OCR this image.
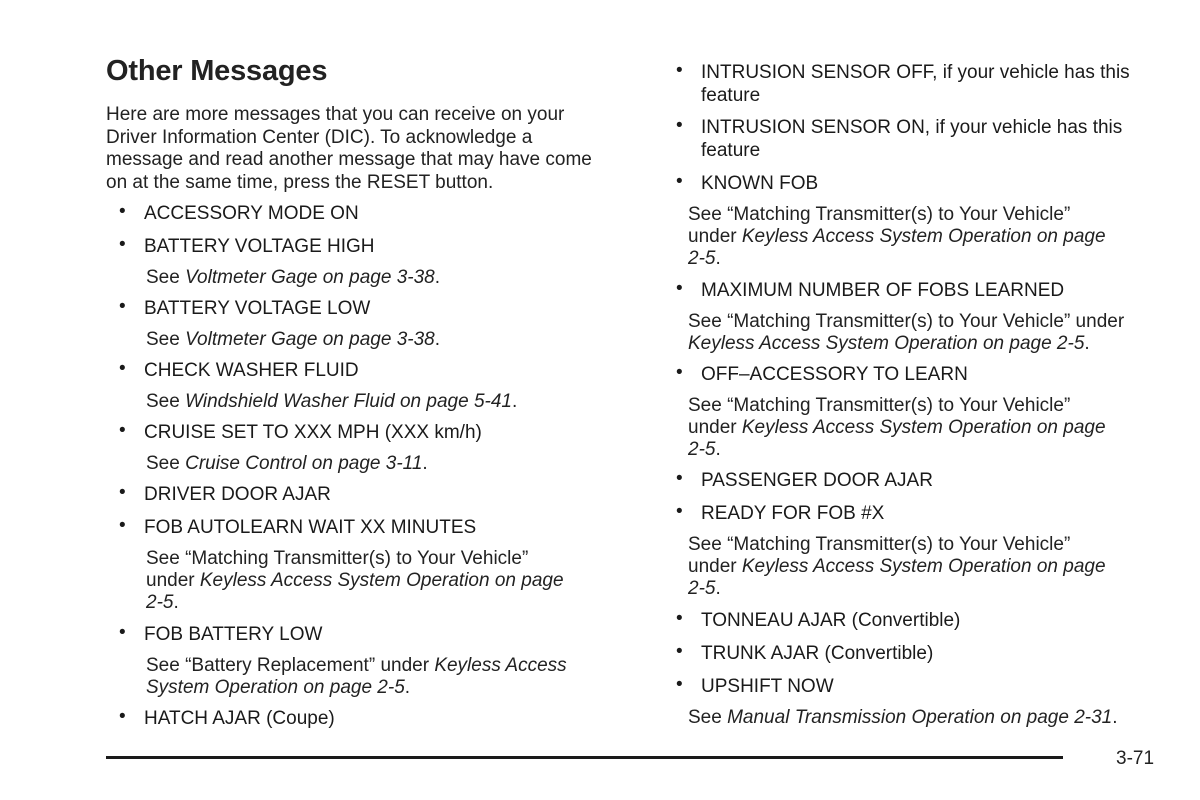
Other Messages

Here are more messages that you can receive on your Driver Information Center (DIC). To acknowledge a message and read another message that may have come on at the same time, press the RESET button.

• ACCESSORY MODE ON
• BATTERY VOLTAGE HIGH
See Voltmeter Gage on page 3-38.
• BATTERY VOLTAGE LOW
See Voltmeter Gage on page 3-38.
• CHECK WASHER FLUID
See Windshield Washer Fluid on page 5-41.
• CRUISE SET TO XXX MPH (XXX km/h)
See Cruise Control on page 3-11.
• DRIVER DOOR AJAR
• FOB AUTOLEARN WAIT XX MINUTES
See “Matching Transmitter(s) to Your Vehicle” under Keyless Access System Operation on page 2-5.
• FOB BATTERY LOW
See “Battery Replacement” under Keyless Access System Operation on page 2-5.
• HATCH AJAR (Coupe)
• INTRUSION SENSOR OFF, if your vehicle has this feature
• INTRUSION SENSOR ON, if your vehicle has this feature
• KNOWN FOB
See “Matching Transmitter(s) to Your Vehicle” under Keyless Access System Operation on page 2-5.
• MAXIMUM NUMBER OF FOBS LEARNED
See “Matching Transmitter(s) to Your Vehicle” under Keyless Access System Operation on page 2-5.
• OFF–ACCESSORY TO LEARN
See “Matching Transmitter(s) to Your Vehicle” under Keyless Access System Operation on page 2-5.
• PASSENGER DOOR AJAR
• READY FOR FOB #X
See “Matching Transmitter(s) to Your Vehicle” under Keyless Access System Operation on page 2-5.
• TONNEAU AJAR (Convertible)
• TRUNK AJAR (Convertible)
• UPSHIFT NOW
See Manual Transmission Operation on page 2-31.
3-71
